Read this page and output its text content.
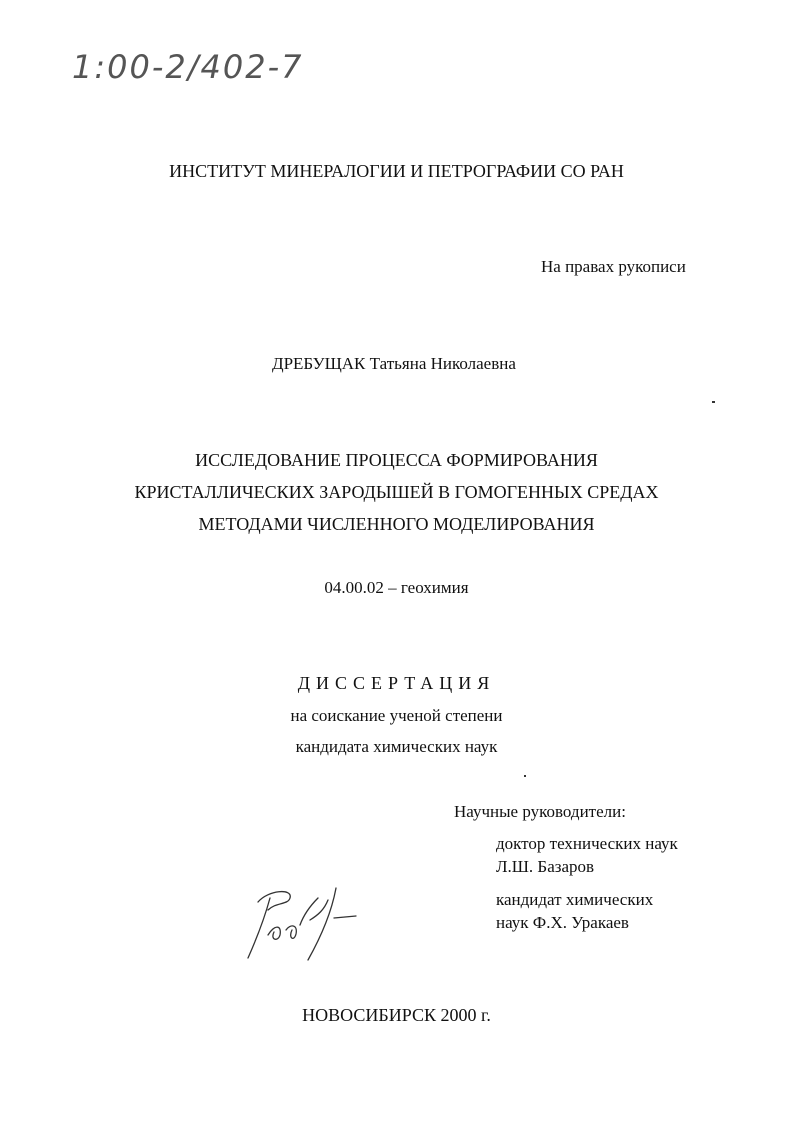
1:00-2/402-7
ИНСТИТУТ МИНЕРАЛОГИИ И ПЕТРОГРАФИИ СО РАН
На правах рукописи
ДРЕБУЩАК Татьяна Николаевна
ИССЛЕДОВАНИЕ ПРОЦЕССА ФОРМИРОВАНИЯ
КРИСТАЛЛИЧЕСКИХ ЗАРОДЫШЕЙ В ГОМОГЕННЫХ СРЕДАХ
МЕТОДАМИ ЧИСЛЕННОГО МОДЕЛИРОВАНИЯ
04.00.02 – геохимия
ДИССЕРТАЦИЯ
на соискание ученой степени
кандидата химических наук
Научные руководители:
доктор технических наук
Л.Ш. Базаров
кандидат химических
наук Ф.Х. Уракаев
НОВОСИБИРСК 2000 г.
